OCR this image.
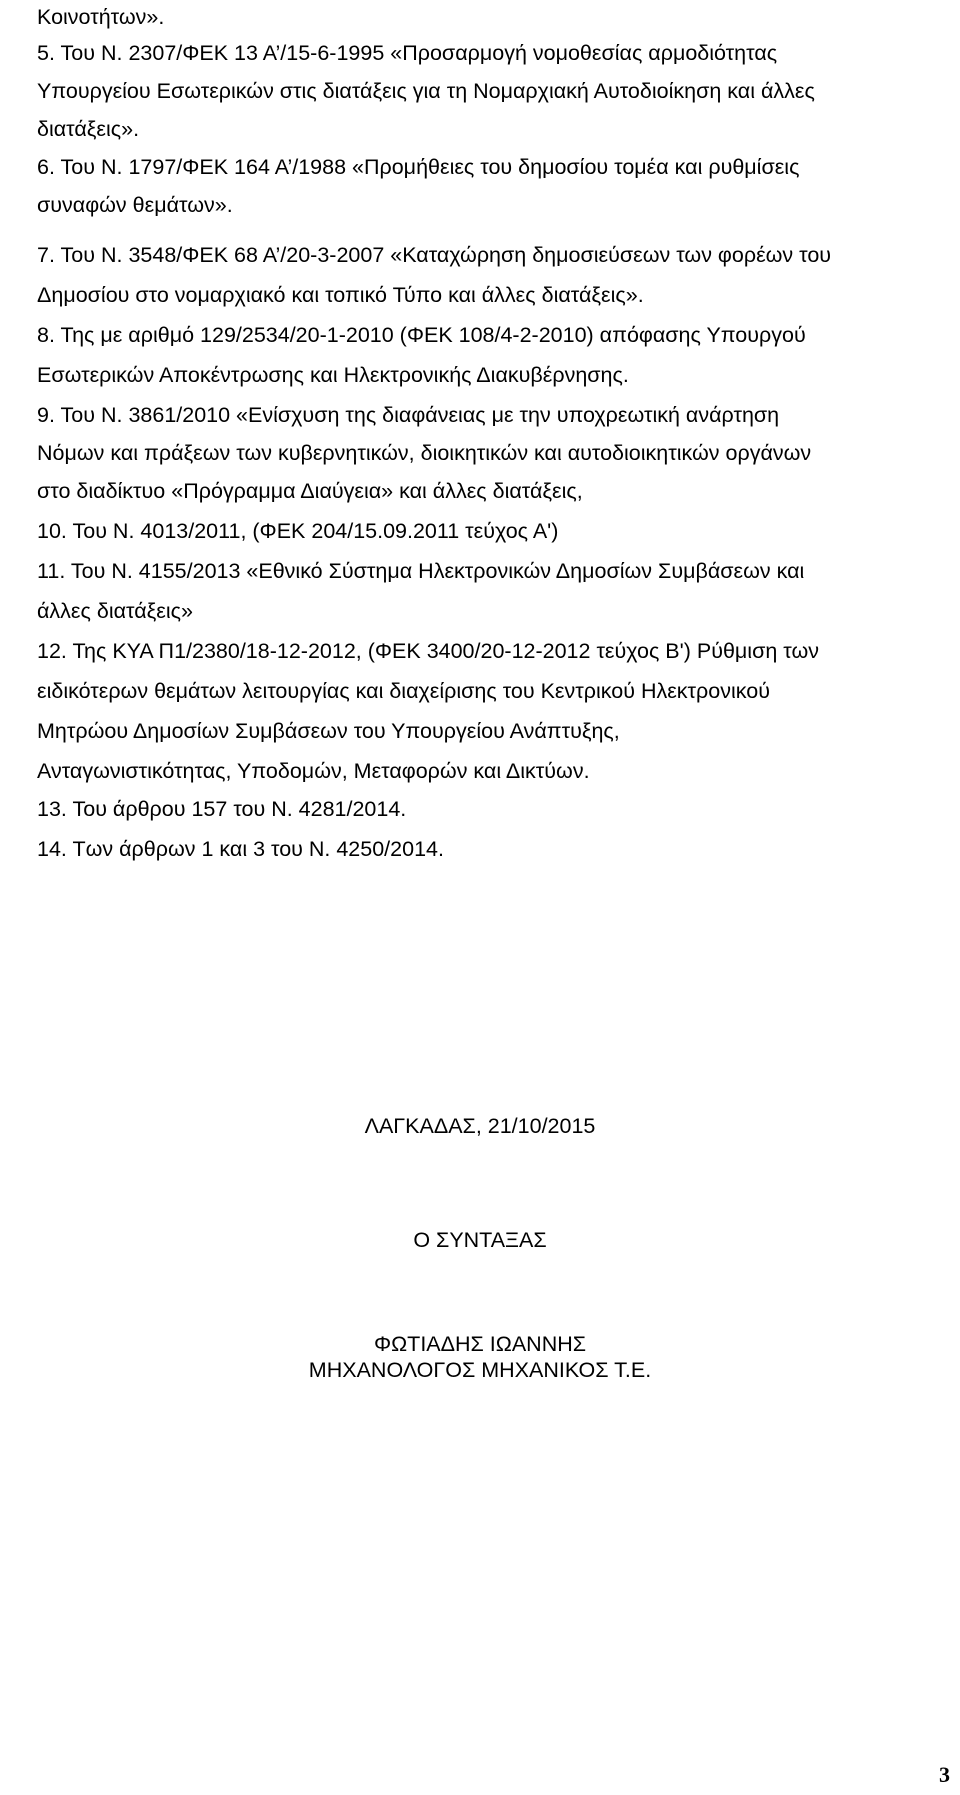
Κοινοτήτων».
5. Του Ν. 2307/ΦΕΚ 13 Α’/15-6-1995 «Προσαρμογή νομοθεσίας αρμοδιότητας
Υπουργείου Εσωτερικών στις διατάξεις για τη Νομαρχιακή Αυτοδιοίκηση και άλλες
διατάξεις».
6. Του Ν. 1797/ΦΕΚ 164 Α’/1988 «Προμήθειες του δημοσίου τομέα και ρυθμίσεις
συναφών θεμάτων».
7. Του Ν. 3548/ΦΕΚ 68 Α’/20-3-2007 «Καταχώρηση δημοσιεύσεων των φορέων του
Δημοσίου στο νομαρχιακό και τοπικό Τύπο και άλλες διατάξεις».
8. Της με αριθμό 129/2534/20-1-2010 (ΦΕΚ 108/4-2-2010) απόφασης Υπουργού
Εσωτερικών Αποκέντρωσης και Ηλεκτρονικής Διακυβέρνησης.
9. Του Ν. 3861/2010 «Ενίσχυση της διαφάνειας με την υποχρεωτική ανάρτηση
Νόμων και πράξεων των κυβερνητικών, διοικητικών και αυτοδιοικητικών οργάνων
στο διαδίκτυο «Πρόγραμμα Διαύγεια» και άλλες διατάξεις,
10. Του Ν. 4013/2011, (ΦΕΚ 204/15.09.2011 τεύχος Α')
11. Του Ν. 4155/2013 «Εθνικό Σύστημα Ηλεκτρονικών Δημοσίων Συμβάσεων και
άλλες διατάξεις»
12. Της ΚΥΑ Π1/2380/18-12-2012, (ΦΕΚ 3400/20-12-2012 τεύχος Β') Ρύθμιση των
ειδικότερων θεμάτων λειτουργίας και διαχείρισης του Κεντρικού Ηλεκτρονικού
Μητρώου Δημοσίων Συμβάσεων του Υπουργείου Ανάπτυξης,
Ανταγωνιστικότητας, Υποδομών, Μεταφορών και Δικτύων.
13. Του άρθρου 157 του Ν. 4281/2014.
14. Των άρθρων 1 και 3 του Ν. 4250/2014.
ΛΑΓΚΑΔΑΣ, 21/10/2015
Ο ΣΥΝΤΑΞΑΣ
ΦΩΤΙΑΔΗΣ ΙΩΑΝΝΗΣ
ΜΗΧΑΝΟΛΟΓΟΣ ΜΗΧΑΝΙΚΟΣ Τ.Ε.
3
